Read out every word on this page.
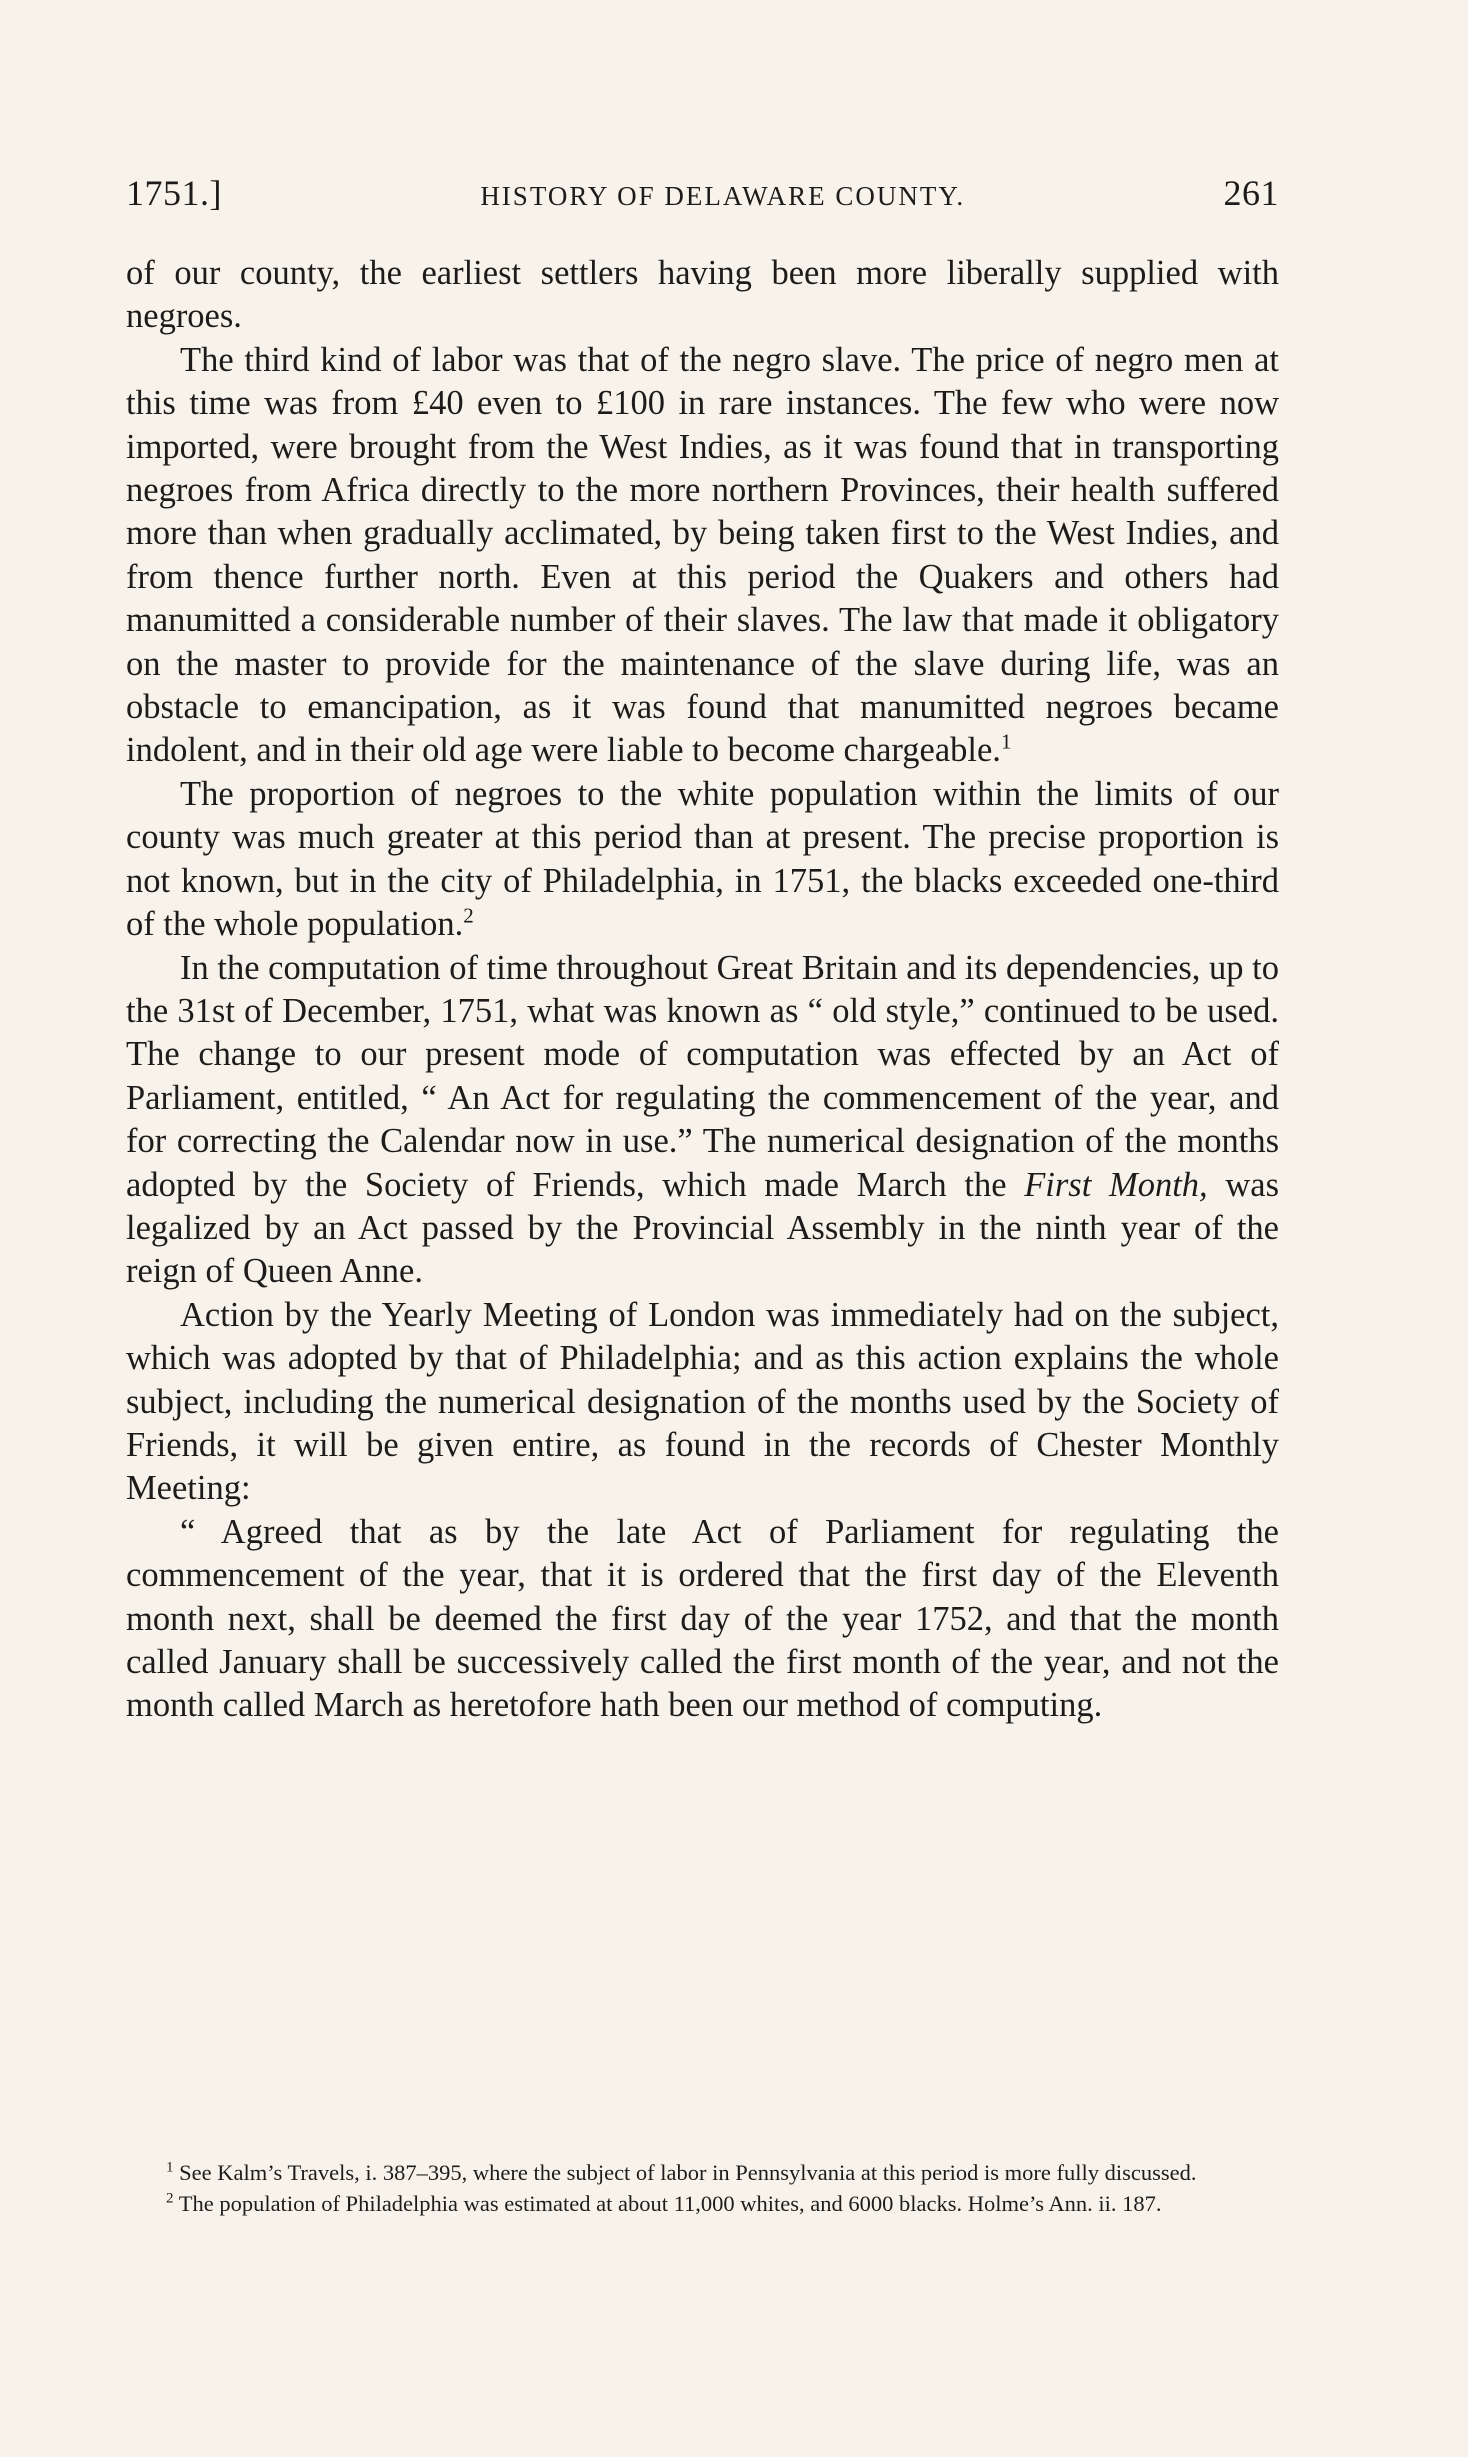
1751.]	HISTORY OF DELAWARE COUNTY.	261

of our county, the earliest settlers having been more liberally supplied with negroes.

The third kind of labor was that of the negro slave. The price of negro men at this time was from £40 even to £100 in rare instances. The few who were now imported, were brought from the West Indies, as it was found that in transporting negroes from Africa directly to the more northern Provinces, their health suffered more than when gradually acclimated, by being taken first to the West Indies, and from thence further north. Even at this period the Quakers and others had manumitted a considerable number of their slaves. The law that made it obligatory on the master to provide for the maintenance of the slave during life, was an obstacle to emancipation, as it was found that manumitted negroes became indolent, and in their old age were liable to become chargeable.$^1$

The proportion of negroes to the white population within the limits of our county was much greater at this period than at present. The precise proportion is not known, but in the city of Philadelphia, in 1751, the blacks exceeded one-third of the whole population.$^2$

In the computation of time throughout Great Britain and its dependencies, up to the 31st of December, 1751, what was known as “ old style,” continued to be used. The change to our present mode of computation was effected by an Act of Parliament, entitled, “ An Act for regulating the commencement of the year, and for correcting the Calendar now in use.” The numerical designation of the months adopted by the Society of Friends, which made March the First Month, was legalized by an Act passed by the Provincial Assembly in the ninth year of the reign of Queen Anne.

Action by the Yearly Meeting of London was immediately had on the subject, which was adopted by that of Philadelphia; and as this action explains the whole subject, including the numerical designation of the months used by the Society of Friends, it will be given entire, as found in the records of Chester Monthly Meeting:

“ Agreed that as by the late Act of Parliament for regulating the commencement of the year, that it is ordered that the first day of the Eleventh month next, shall be deemed the first day of the year 1752, and that the month called January shall be successively called the first month of the year, and not the month called March as heretofore hath been our method of computing.

$^1$ See Kalm’s Travels, i. 387–395, where the subject of labor in Pennsylvania at this period is more fully discussed.

$^2$ The population of Philadelphia was estimated at about 11,000 whites, and 6000 blacks. Holme’s Ann. ii. 187.
